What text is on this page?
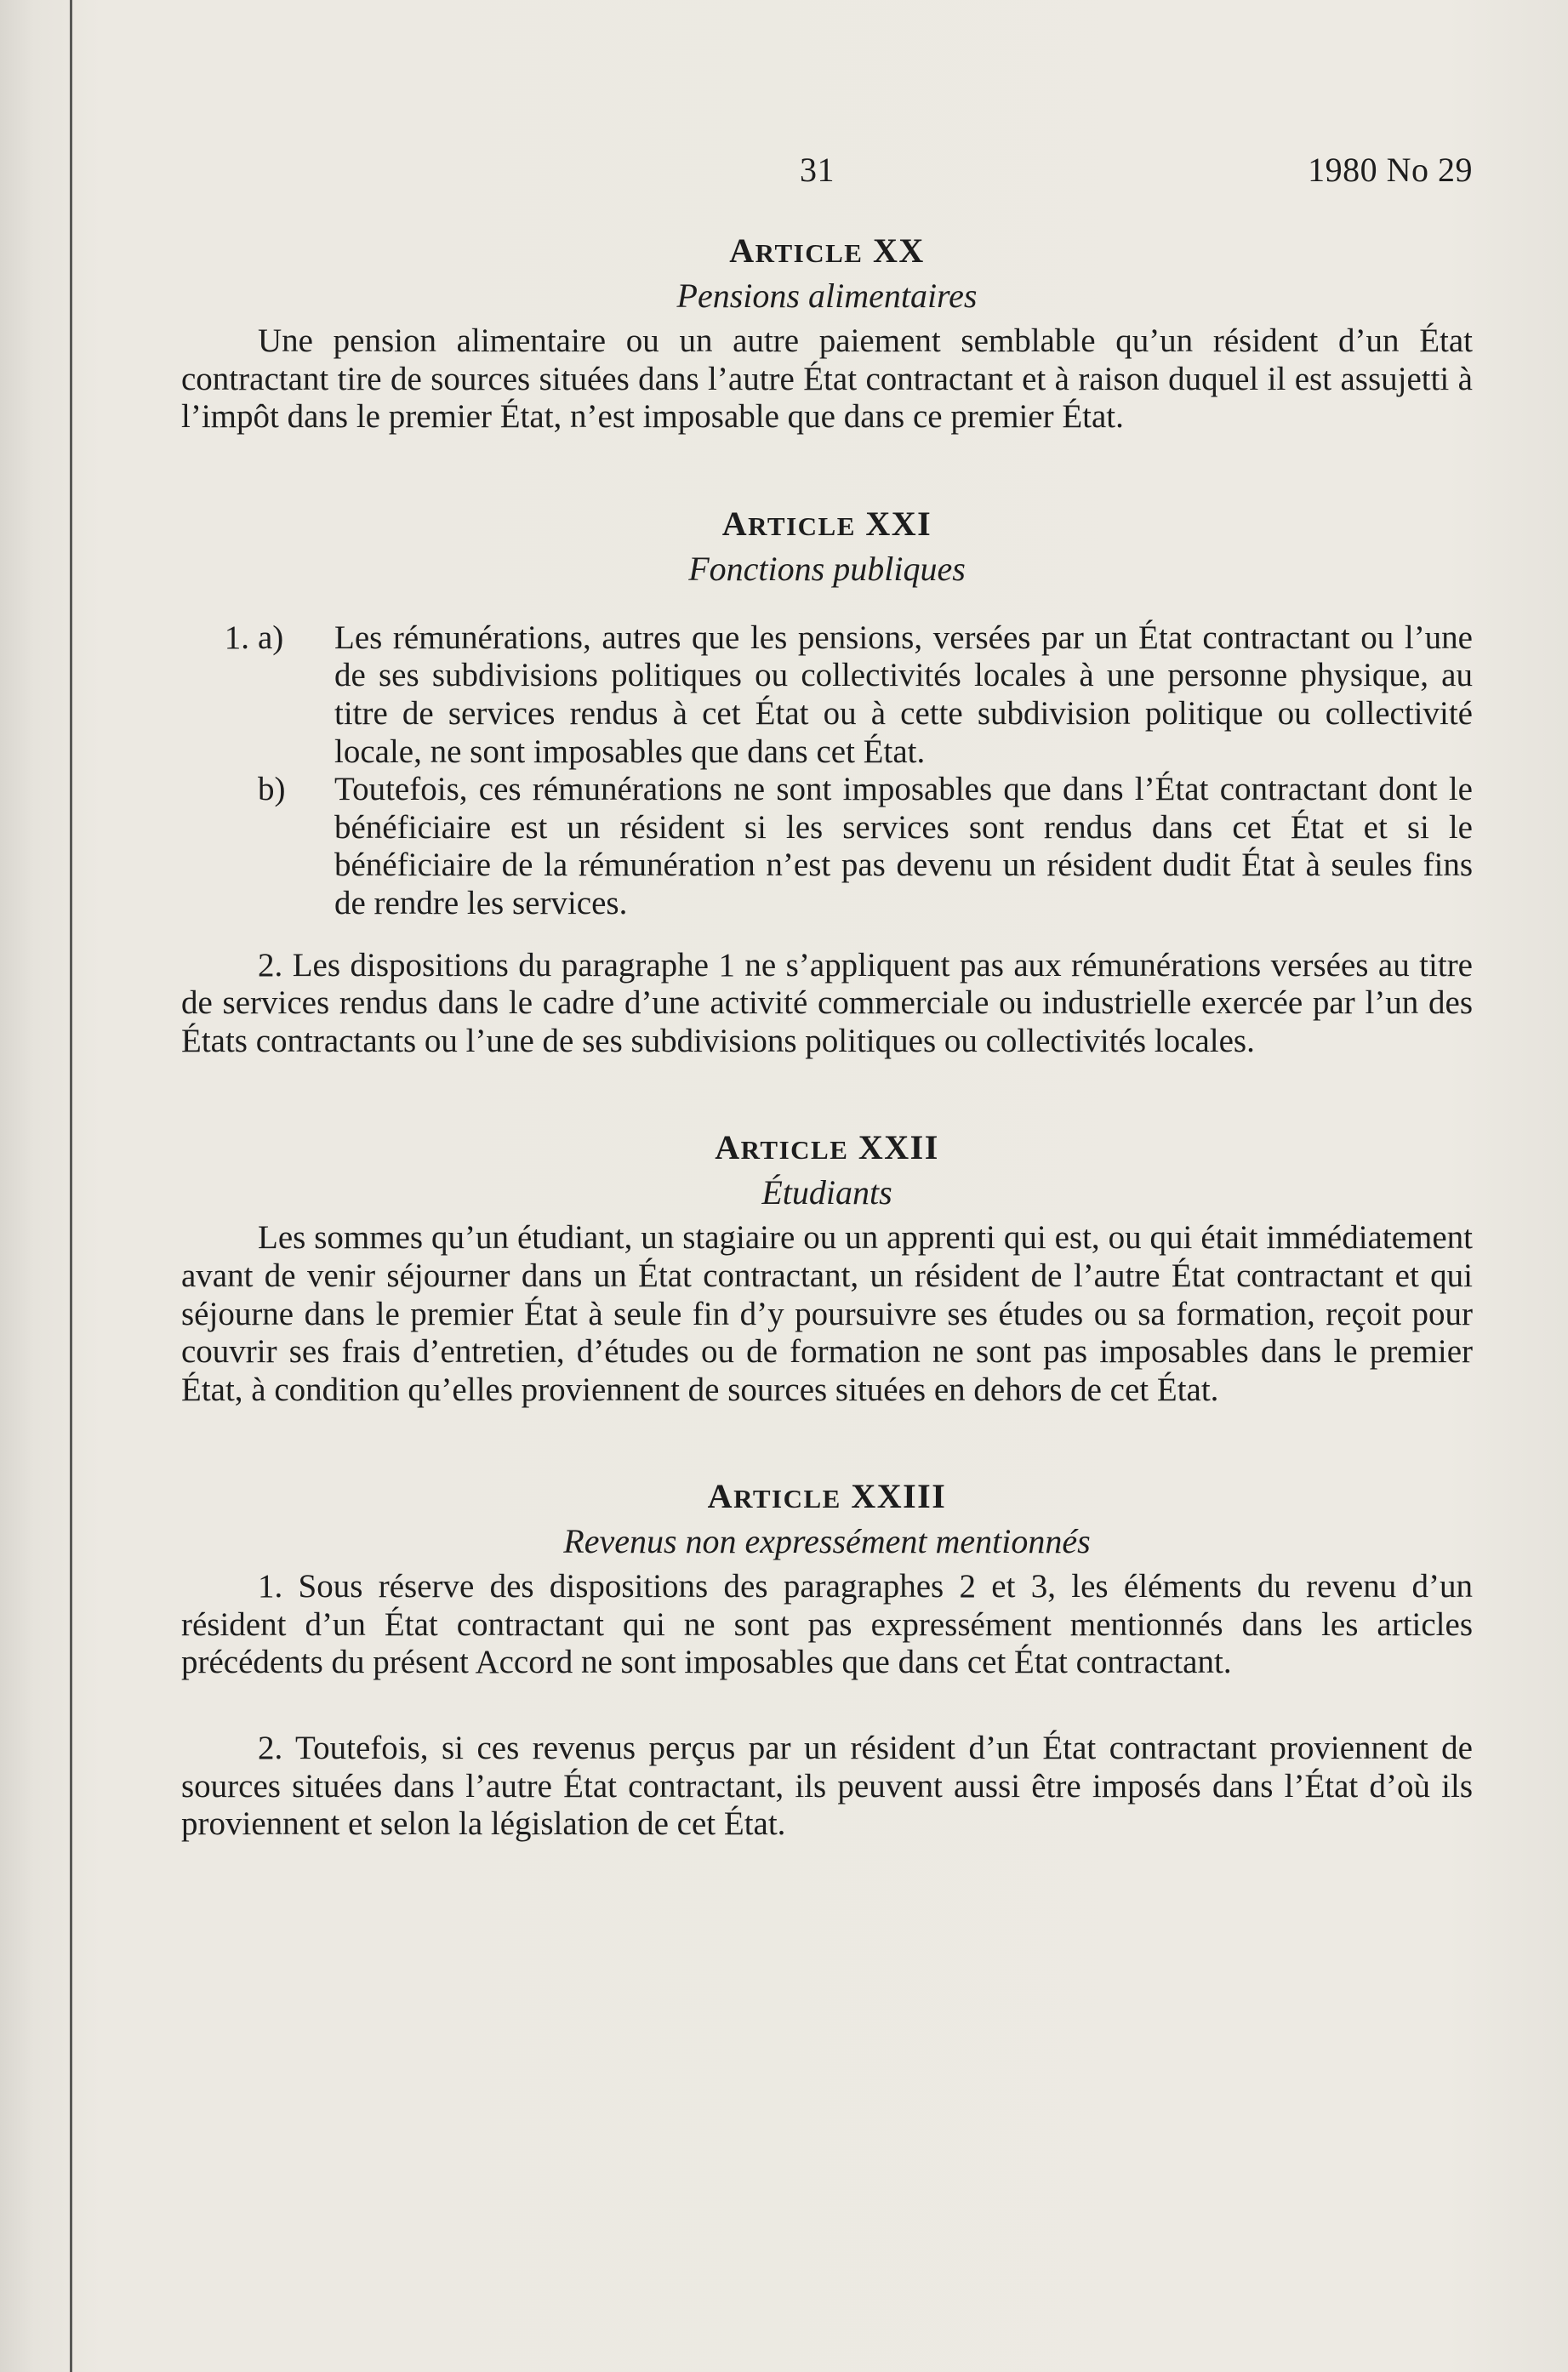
31	1980 No 29
ARTICLE XX
Pensions alimentaires

Une pension alimentaire ou un autre paiement semblable qu’un résident d’un État contractant tire de sources situées dans l’autre État contractant et à raison duquel il est assujetti à l’impôt dans le premier État, n’est imposable que dans ce premier État.

ARTICLE XXI
Fonctions publiques
1. a)	Les rémunérations, autres que les pensions, versées par un État contractant ou l’une de ses subdivisions politiques ou collectivités locales à une personne physique, au titre de services rendus à cet État ou à cette subdivision politique ou collectivité locale, ne sont imposables que dans cet État.
b)	Toutefois, ces rémunérations ne sont imposables que dans l’État contractant dont le bénéficiaire est un résident si les services sont rendus dans cet État et si le bénéficiaire de la rémunération n’est pas devenu un résident dudit État à seules fins de rendre les services.

2. Les dispositions du paragraphe 1 ne s’appliquent pas aux rémunérations versées au titre de services rendus dans le cadre d’une activité commerciale ou industrielle exercée par l’un des États contractants ou l’une de ses subdivisions politiques ou collectivités locales.

ARTICLE XXII
Étudiants

Les sommes qu’un étudiant, un stagiaire ou un apprenti qui est, ou qui était immédiatement avant de venir séjourner dans un État contractant, un résident de l’autre État contractant et qui séjourne dans le premier État à seule fin d’y poursuivre ses études ou sa formation, reçoit pour couvrir ses frais d’entretien, d’études ou de formation ne sont pas imposables dans le premier État, à condition qu’elles proviennent de sources situées en dehors de cet État.

ARTICLE XXIII
Revenus non expressément mentionnés

1. Sous réserve des dispositions des paragraphes 2 et 3, les éléments du revenu d’un résident d’un État contractant qui ne sont pas expressément mentionnés dans les articles précédents du présent Accord ne sont imposables que dans cet État contractant.

2. Toutefois, si ces revenus perçus par un résident d’un État contractant proviennent de sources situées dans l’autre État contractant, ils peuvent aussi être imposés dans l’État d’où ils proviennent et selon la législation de cet État.
